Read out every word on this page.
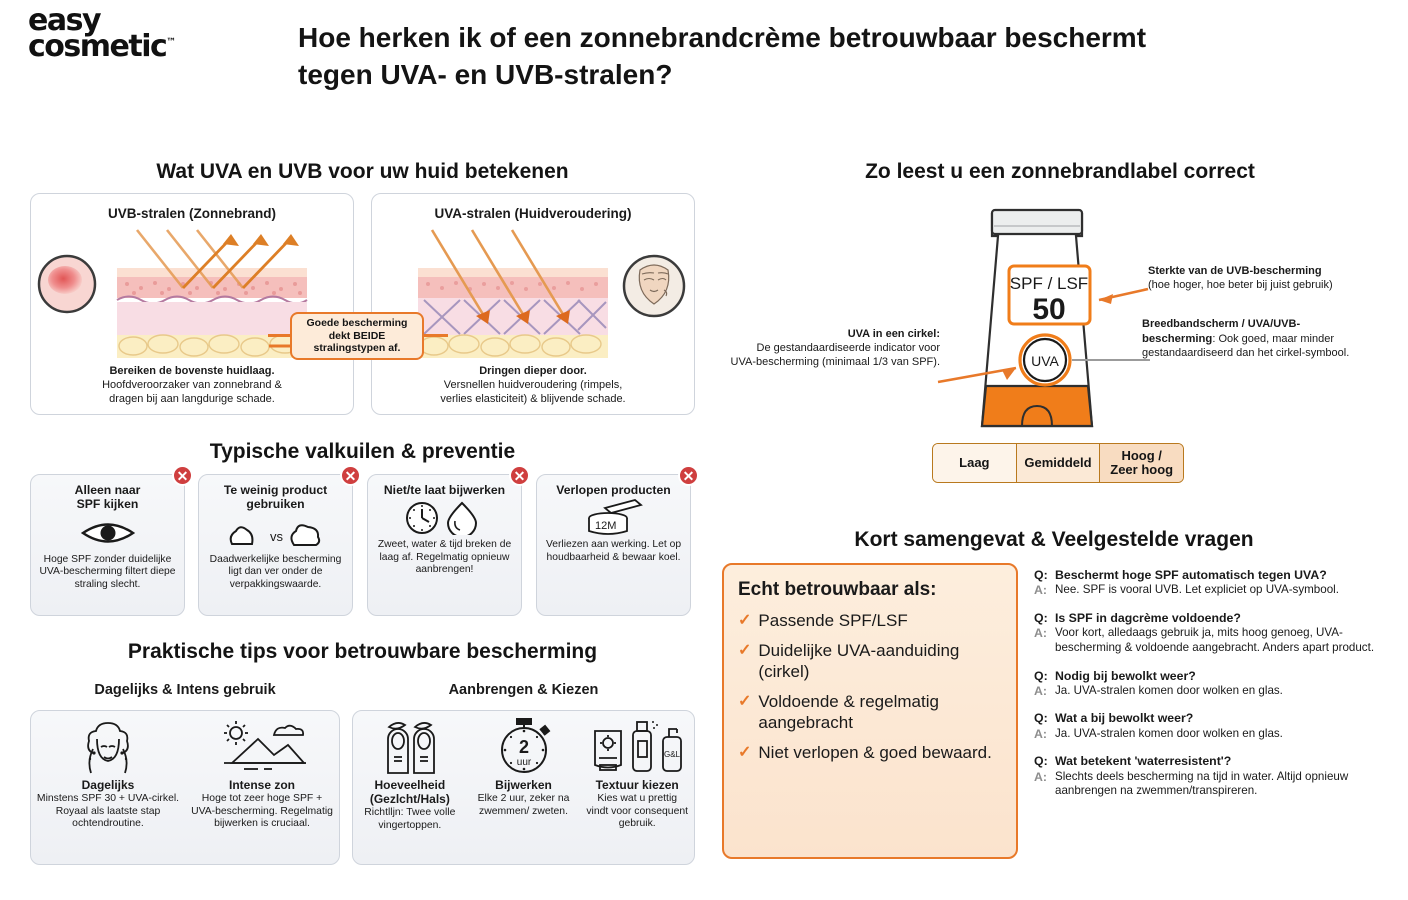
easy
cosmetic™	Hoe herken ik of een zonnebrandcrème betrouwbaar beschermt
tegen UVA- en UVB-stralen?
Wat UVA en UVB voor uw huid betekenen
UVB-stralen (Zonnebrand)
Bereiken de bovenste huidlaag.
Hoofdveroorzaker van zonnebrand &
dragen bij aan langdurige schade.
UVA-stralen (Huidveroudering)
Dringen dieper door.
Versnellen huidveroudering (rimpels,
verlies elasticiteit) & blijvende schade.
Goede bescherming
dekt BEIDE
stralingstypen af.
Typische valkuilen & preventie
✕
Alleen naar
SPF kijken

Hoge SPF zonder duidelijke UVA-bescherming filtert diepe straling slecht.

✕
Te weinig product
gebruiken
vs

Daadwerkelijke bescherming ligt dan ver onder de verpakkingswaarde.

✕
Niet/te laat bijwerken

Zweet, water & tijd breken de laag af. Regelmatig opnieuw aanbrengen!

✕
Verlopen producten
12M

Verliezen aan werking. Let op houdbaarheid & bewaar koel.

Praktische tips voor betrouwbare bescherming
Dagelijks & Intens gebruik	Aanbrengen & Kiezen
Dagelijks

Minstens SPF 30 + UVA-cirkel. Royaal als laatste stap ochtendroutine.

Intense zon

Hoge tot zeer hoge SPF + UVA-bescherming. Regelmatig bijwerken is cruciaal.

Hoeveelheid
(Gezlcht/Hals)

Richtlljn: Twee volle vingertoppen.

2
uur
Bijwerken

Elke 2 uur, zeker na zwemmen/ zweten.

G&L
Textuur kiezen

Kies wat u prettig vindt voor consequent gebruik.

Zo leest u een zonnebrandlabel correct
SPF / LSF
50
UVA
Sterkte van de UVB-bescherming
(hoe hoger, hoe beter bij juist gebruik)
Breedbandscherm / UVA/UVB-
bescherming: Ook goed, maar minder gestandaardiseerd dan het cirkel-symbool.
UVA in een cirkel:
De gestandaardiseerde indicator voor
UVA-bescherming (minimaal 1/3 van SPF).
Laag	Gemiddeld	Hoog /
Zeer hoog
Kort samengevat & Veelgestelde vragen
Echt betrouwbaar als:
✓ Passende SPF/LSF
✓ Duidelijke UVA-aanduiding (cirkel)
✓ Voldoende & regelmatig aangebracht
✓ Niet verlopen & goed bewaard.
Q: Beschermt hoge SPF automatisch tegen UVA?
A: Nee. SPF is vooral UVB. Let expliciet op UVA-symbool.
Q: Is SPF in dagcrème voldoende?
A: Voor kort, alledaags gebruik ja, mits hoog genoeg, UVA-bescherming & voldoende aangebracht. Anders apart product.
Q: Nodig bij bewolkt weer?
A: Ja. UVA-stralen komen door wolken en glas.
Q: Wat a bij bewolkt weer?
A: Ja. UVA-stralen komen door wolken en glas.
Q: Wat betekent 'waterresistent'?
A: Slechts deels bescherming na tijd in water. Altijd opnieuw aanbrengen na zwemmen/transpireren.
